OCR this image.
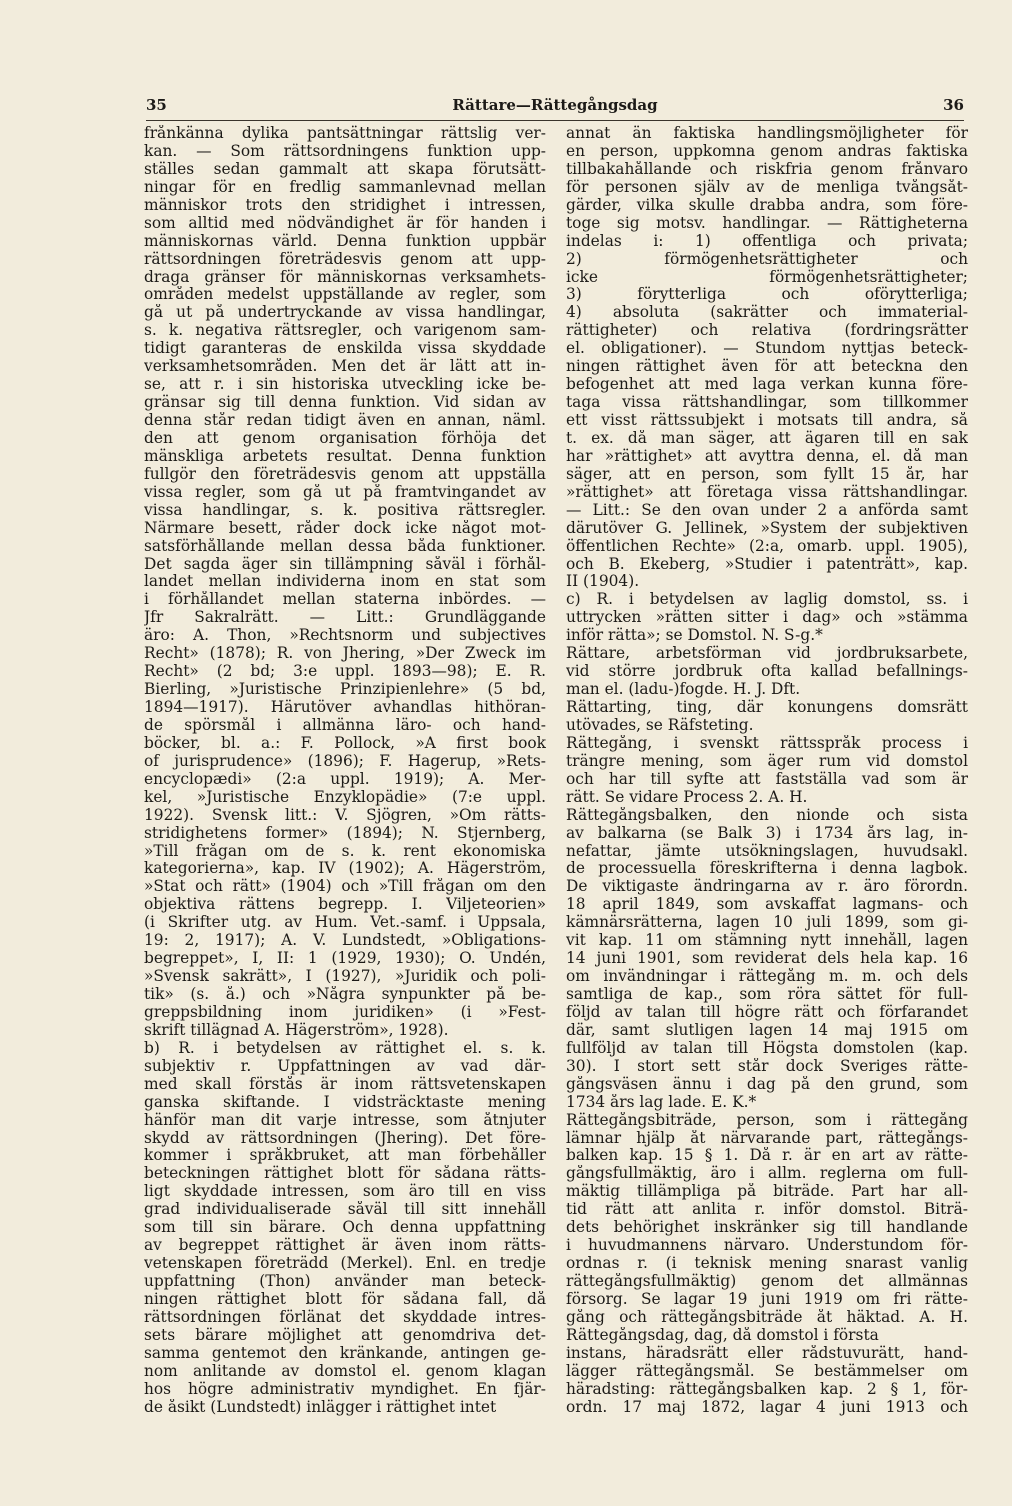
35	Rättare—Rättegångsdag	36
frånkänna dylika pantsättningar rättslig ver-
kan. — Som rättsordningens funktion upp-
ställes sedan gammalt att skapa förutsätt-
ningar för en fredlig sammanlevnad mellan
människor trots den stridighet i intressen,
som alltid med nödvändighet är för handen i
människornas värld. Denna funktion uppbär
rättsordningen företrädesvis genom att upp-
draga gränser för människornas verksamhets-
områden medelst uppställande av regler, som
gå ut på undertryckande av vissa handlingar,
s. k. negativa rättsregler, och varigenom sam-
tidigt garanteras de enskilda vissa skyddade
verksamhetsområden. Men det är lätt att in-
se, att r. i sin historiska utveckling icke be-
gränsar sig till denna funktion. Vid sidan av
denna står redan tidigt även en annan, näml.
den att genom organisation förhöja det
mänskliga arbetets resultat. Denna funktion
fullgör den företrädesvis genom att uppställa
vissa regler, som gå ut på framtvingandet av
vissa handlingar, s. k. positiva rättsregler.
Närmare besett, råder dock icke något mot-
satsförhållande mellan dessa båda funktioner.
Det sagda äger sin tillämpning såväl i förhål-
landet mellan individerna inom en stat som
i förhållandet mellan staterna inbördes. —
Jfr Sakralrätt. — Litt.: Grundläggande
äro: A. Thon, »Rechtsnorm und subjectives
Recht» (1878); R. von Jhering, »Der Zweck im
Recht» (2 bd; 3:e uppl. 1893—98); E. R.
Bierling, »Juristische Prinzipienlehre» (5 bd,
1894—1917). Härutöver avhandlas hithöran-
de spörsmål i allmänna läro- och hand-
böcker, bl. a.: F. Pollock, »A first book
of jurisprudence» (1896); F. Hagerup, »Rets-
encyclopædi» (2:a uppl. 1919); A. Mer-
kel, »Juristische Enzyklopädie» (7:e uppl.
1922). Svensk litt.: V. Sjögren, »Om rätts-
stridighetens former» (1894); N. Stjernberg,
»Till frågan om de s. k. rent ekonomiska
kategorierna», kap. IV (1902); A. Hägerström,
»Stat och rätt» (1904) och »Till frågan om den
objektiva rättens begrepp. I. Viljeteorien»
(i Skrifter utg. av Hum. Vet.-samf. i Uppsala,
19: 2, 1917); A. V. Lundstedt, »Obligations-
begreppet», I, II: 1 (1929, 1930); Ö. Undén,
»Svensk sakrätt», I (1927), »Juridik och poli-
tik» (s. å.) och »Några synpunkter på be-
greppsbildning inom juridiken» (i »Fest-
skrift tillägnad A. Hägerström», 1928).
b) R. i betydelsen av rättighet el. s. k.
subjektiv r. Uppfattningen av vad där-
med skall förstås är inom rättsvetenskapen
ganska skiftande. I vidsträcktaste mening
hänför man dit varje intresse, som åtnjuter
skydd av rättsordningen (Jhering). Det före-
kommer i språkbruket, att man förbehåller
beteckningen rättighet blott för sådana rätts-
ligt skyddade intressen, som äro till en viss
grad individualiserade såväl till sitt innehåll
som till sin bärare. Och denna uppfattning
av begreppet rättighet är även inom rätts-
vetenskapen företrädd (Merkel). Enl. en tredje
uppfattning (Thon) använder man beteck-
ningen rättighet blott för sådana fall, då
rättsordningen förlänat det skyddade intres-
sets bärare möjlighet att genomdriva det-
samma gentemot den kränkande, antingen ge-
nom anlitande av domstol el. genom klagan
hos högre administrativ myndighet. En fjär-
de åsikt (Lundstedt) inlägger i rättighet intet
annat än faktiska handlingsmöjligheter för
en person, uppkomna genom andras faktiska
tillbakahållande och riskfria genom frånvaro
för personen själv av de menliga tvångsåt-
gärder, vilka skulle drabba andra, som före-
toge sig motsv. handlingar. — Rättigheterna
indelas i: 1) offentliga och privata;
2) förmögenhetsrättigheter och
icke förmögenhetsrättigheter;
3) förytterliga och oförytterliga;
4) absoluta (sakrätter och immaterial-
rättigheter) och relativa (fordringsrätter
el. obligationer). — Stundom nyttjas beteck-
ningen rättighet även för att beteckna den
befogenhet att med laga verkan kunna före-
taga vissa rättshandlingar, som tillkommer
ett visst rättssubjekt i motsats till andra, så
t. ex. då man säger, att ägaren till en sak
har »rättighet» att avyttra denna, el. då man
säger, att en person, som fyllt 15 år, har
»rättighet» att företaga vissa rättshandlingar.
— Litt.: Se den ovan under 2 a anförda samt
därutöver G. Jellinek, »System der subjektiven
öffentlichen Rechte» (2:a, omarb. uppl. 1905),
och B. Ekeberg, »Studier i patenträtt», kap.
II (1904).
c) R. i betydelsen av laglig domstol, ss. i
uttrycken »rätten sitter i dag» och »stämma
inför rätta»; se Domstol. N. S-g.*
Rättare, arbetsförman vid jordbruksarbete,
vid större jordbruk ofta kallad befallnings-
man el. (ladu-)fogde. H. J. Dft.
Rättarting, ting, där konungens domsrätt
utövades, se Räfsteting.
Rättegång, i svenskt rättsspråk process i
trängre mening, som äger rum vid domstol
och har till syfte att fastställa vad som är
rätt. Se vidare Process 2. A. H.
Rättegångsbalken, den nionde och sista
av balkarna (se Balk 3) i 1734 års lag, in-
nefattar, jämte utsökningslagen, huvudsakl.
de processuella föreskrifterna i denna lagbok.
De viktigaste ändringarna av r. äro förordn.
18 april 1849, som avskaffat lagmans- och
kämnärsrätterna, lagen 10 juli 1899, som gi-
vit kap. 11 om stämning nytt innehåll, lagen
14 juni 1901, som reviderat dels hela kap. 16
om invändningar i rättegång m. m. och dels
samtliga de kap., som röra sättet för full-
följd av talan till högre rätt och förfarandet
där, samt slutligen lagen 14 maj 1915 om
fullföljd av talan till Högsta domstolen (kap.
30). I stort sett står dock Sveriges rätte-
gångsväsen ännu i dag på den grund, som
1734 års lag lade. E. K.*
Rättegångsbiträde, person, som i rättegång
lämnar hjälp åt närvarande part, rättegångs-
balken kap. 15 § 1. Då r. är en art av rätte-
gångsfullmäktig, äro i allm. reglerna om full-
mäktig tillämpliga på biträde. Part har all-
tid rätt att anlita r. inför domstol. Biträ-
dets behörighet inskränker sig till handlande
i huvudmannens närvaro. Understundom för-
ordnas r. (i teknisk mening snarast vanlig
rättegångsfullmäktig) genom det allmännas
försorg. Se lagar 19 juni 1919 om fri rätte-
gång och rättegångsbiträde åt häktad. A. H.
Rättegångsdag, dag, då domstol i första
instans, häradsrätt eller rådstuvurätt, hand-
lägger rättegångsmål. Se bestämmelser om
häradsting: rättegångsbalken kap. 2 § 1, för-
ordn. 17 maj 1872, lagar 4 juni 1913 och
